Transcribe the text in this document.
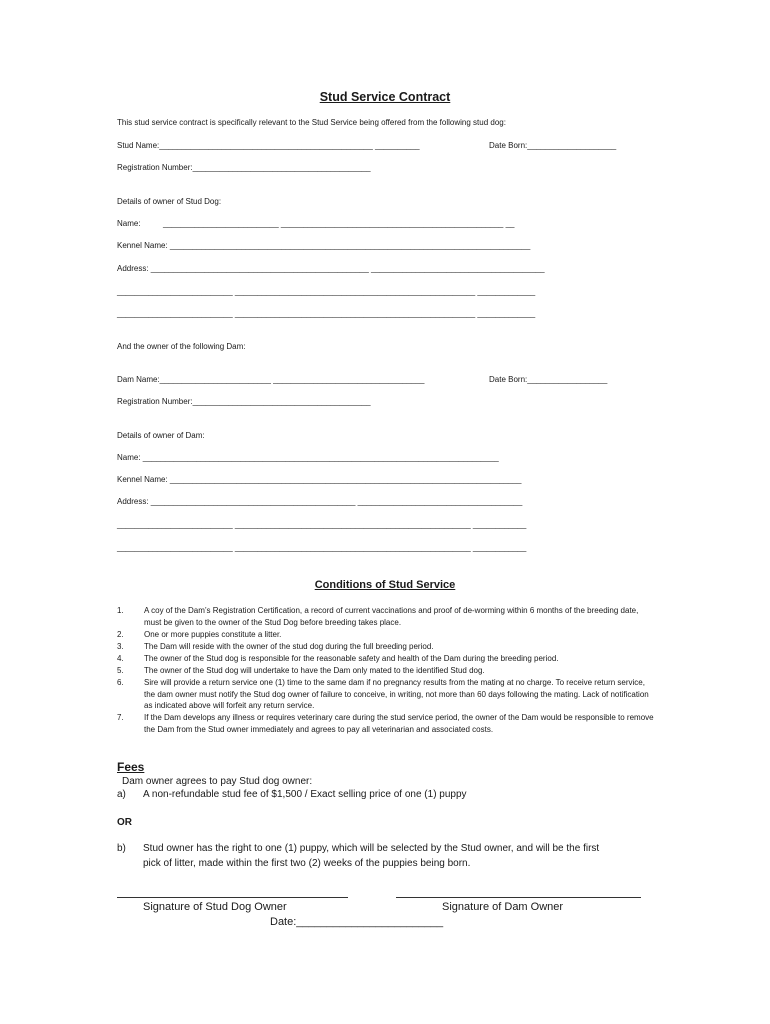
Stud Service Contract
This stud service contract is specifically relevant to the Stud Service being offered from the following stud dog:
Stud Name:________________________________________________ __________	Date Born:____________________
Registration Number:________________________________________
Details of owner of Stud Dog:
Name:	__________________________ __________________________________________________ __
Kennel Name: _________________________________________________________________________________
Address: _________________________________________________ _______________________________________
__________________________ ______________________________________________________ _____________
__________________________ ______________________________________________________ _____________
And the owner of the following Dam:
Dam Name:_________________________ __________________________________	Date Born:__________________
Registration Number:________________________________________
Details of owner of Dam:
Name: ________________________________________________________________________________
Kennel Name: _______________________________________________________________________________
Address: ______________________________________________ _____________________________________
__________________________ _____________________________________________________ ____________
__________________________ _____________________________________________________ ____________
Conditions of Stud Service
1.	A coy of the Dam’s Registration Certification, a record of current vaccinations and proof of de-worming within 6 months of the breeding date, must be given to the owner of the Stud Dog before breeding takes place.
2.	One or more puppies constitute a litter.
3.	The Dam will reside with the owner of the stud dog during the full breeding period.
4.	The owner of the Stud dog is responsible for the reasonable safety and health of the Dam during the breeding period.
5.	The owner of the Stud dog will undertake to have the Dam only mated to the identified Stud dog.
6.	Sire will provide a return service one (1) time to the same dam if no pregnancy results from the mating at no charge. To receive return service, the dam owner must notify the Stud dog owner of failure to conceive, in writing, not more than 60 days following the mating. Lack of notification as indicated above will forfeit any return service.
7.	If the Dam develops any illness or requires veterinary care during the stud service period, the owner of the Dam would be responsible to remove the Dam from the Stud owner immediately and agrees to pay all veterinarian and associated costs.
Fees
Dam owner agrees to pay Stud dog owner:
a) A non-refundable stud fee of $1,500 / Exact selling price of one (1) puppy
OR
b) Stud owner has the right to one (1) puppy, which will be selected by the Stud owner, and will be the first
pick of litter, made within the first two (2) weeks of the puppies being born.
Signature of Stud Dog Owner	Signature of Dam Owner
Date:________________________
